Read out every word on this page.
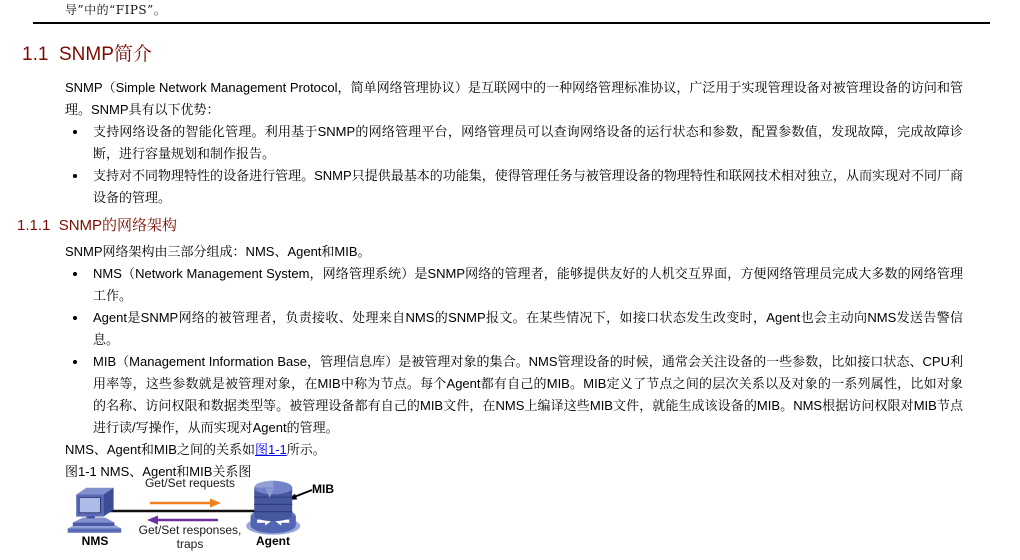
导”中的“FIPS”。
1.1  SNMP简介

SNMP（Simple Network Management Protocol，简单网络管理协议）是互联网中的一种网络管理标准协议，广泛用于实现管理设备对被管理设备的访问和管理。SNMP具有以下优势：

支持网络设备的智能化管理。利用基于SNMP的网络管理平台，网络管理员可以查询网络设备的运行状态和参数，配置参数值，发现故障，完成故障诊断，进行容量规划和制作报告。
支持对不同物理特性的设备进行管理。SNMP只提供最基本的功能集，使得管理任务与被管理设备的物理特性和联网技术相对独立，从而实现对不同厂商设备的管理。
1.1.1  SNMP的网络架构

SNMP网络架构由三部分组成：NMS、Agent和MIB。

NMS（Network Management System，网络管理系统）是SNMP网络的管理者，能够提供友好的人机交互界面，方便网络管理员完成大多数的网络管理工作。
Agent是SNMP网络的被管理者，负责接收、处理来自NMS的SNMP报文。在某些情况下，如接口状态发生改变时，Agent也会主动向NMS发送告警信息。
MIB（Management Information Base，管理信息库）是被管理对象的集合。NMS管理设备的时候，通常会关注设备的一些参数，比如接口状态、CPU利用率等，这些参数就是被管理对象，在MIB中称为节点。每个Agent都有自己的MIB。MIB定义了节点之间的层次关系以及对象的一系列属性，比如对象的名称、访问权限和数据类型等。被管理设备都有自己的MIB文件，在NMS上编译这些MIB文件，就能生成该设备的MIB。NMS根据访问权限对MIB节点进行读/写操作，从而实现对Agent的管理。

NMS、Agent和MIB之间的关系如图1-1所示。

图1-1 NMS、Agent和MIB关系图

Get/Set requests
Get/Set responses,
traps
NMS	Agent
MIB
